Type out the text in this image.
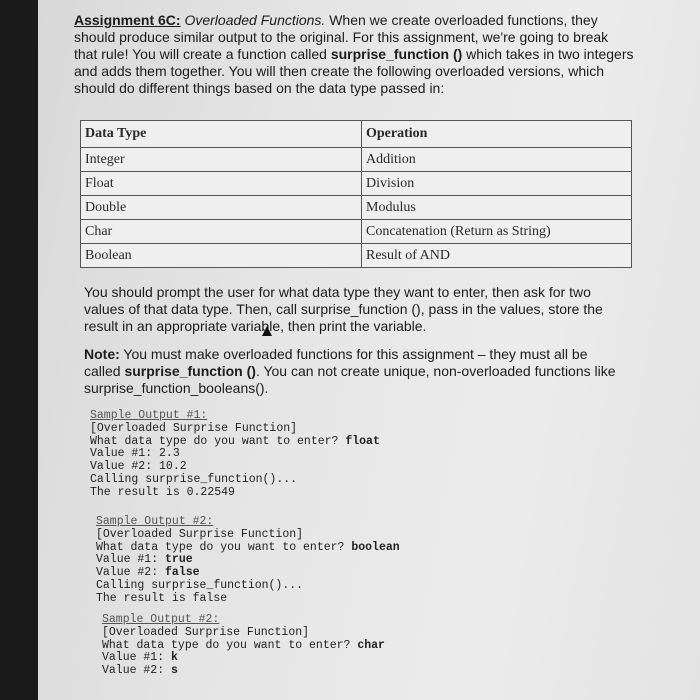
Assignment 6C: Overloaded Functions. When we create overloaded functions, they should produce similar output to the original. For this assignment, we're going to break that rule! You will create a function called surprise_function () which takes in two integers and adds them together. You will then create the following overloaded versions, which should do different things based on the data type passed in:
Data Type	Operation
Integer	Addition
Float	Division
Double	Modulus
Char	Concatenation (Return as String)
Boolean	Result of AND
You should prompt the user for what data type they want to enter, then ask for two values of that data type. Then, call surprise_function (), pass in the values, store the result in an appropriate variable, then print the variable.
Note: You must make overloaded functions for this assignment – they must all be called surprise_function (). You can not create unique, non-overloaded functions like surprise_function_booleans().
Sample Output #1:
[Overloaded Surprise Function]
What data type do you want to enter? float
Value #1: 2.3
Value #2: 10.2
Calling surprise_function()...
The result is 0.22549
Sample Output #2:
[Overloaded Surprise Function]
What data type do you want to enter? boolean
Value #1: true
Value #2: false
Calling surprise_function()...
The result is false
Sample Output #2:
[Overloaded Surprise Function]
What data type do you want to enter? char
Value #1: k
Value #2: s
